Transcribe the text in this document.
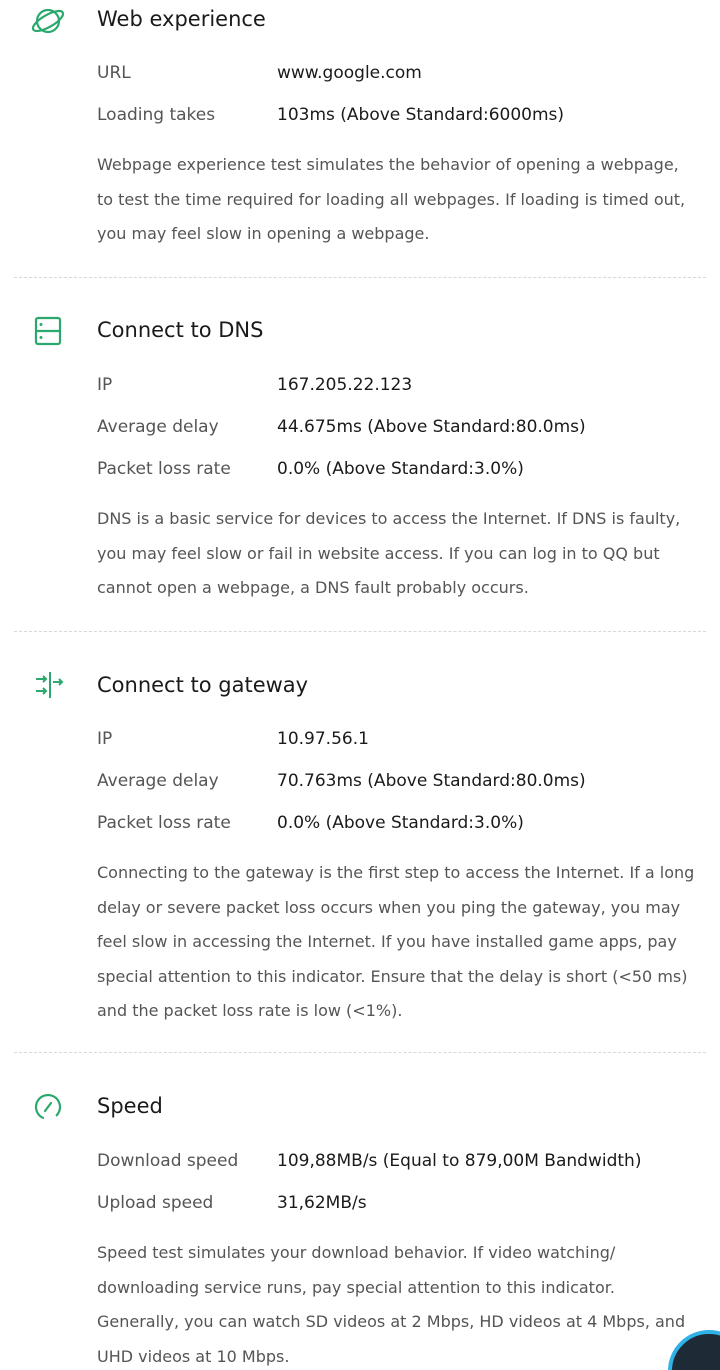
Web experience
URL	www.google.com
Loading takes	103ms (Above Standard:6000ms)
Webpage experience test simulates the behavior of opening a webpage, to test the time required for loading all webpages. If loading is timed out, you may feel slow in opening a webpage.
Connect to DNS
IP	167.205.22.123
Average delay	44.675ms (Above Standard:80.0ms)
Packet loss rate	0.0% (Above Standard:3.0%)
DNS is a basic service for devices to access the Internet. If DNS is faulty, you may feel slow or fail in website access. If you can log in to QQ but cannot open a webpage, a DNS fault probably occurs.
Connect to gateway
IP	10.97.56.1
Average delay	70.763ms (Above Standard:80.0ms)
Packet loss rate	0.0% (Above Standard:3.0%)
Connecting to the gateway is the first step to access the Internet. If a long delay or severe packet loss occurs when you ping the gateway, you may feel slow in accessing the Internet. If you have installed game apps, pay special attention to this indicator. Ensure that the delay is short (<50 ms) and the packet loss rate is low (<1%).
Speed
Download speed 109,88MB/s (Equal to 879,00M Bandwidth)
Upload speed	31,62MB/s
Speed test simulates your download behavior. If video watching/ downloading service runs, pay special attention to this indicator. Generally, you can watch SD videos at 2 Mbps, HD videos at 4 Mbps, and UHD videos at 10 Mbps.
